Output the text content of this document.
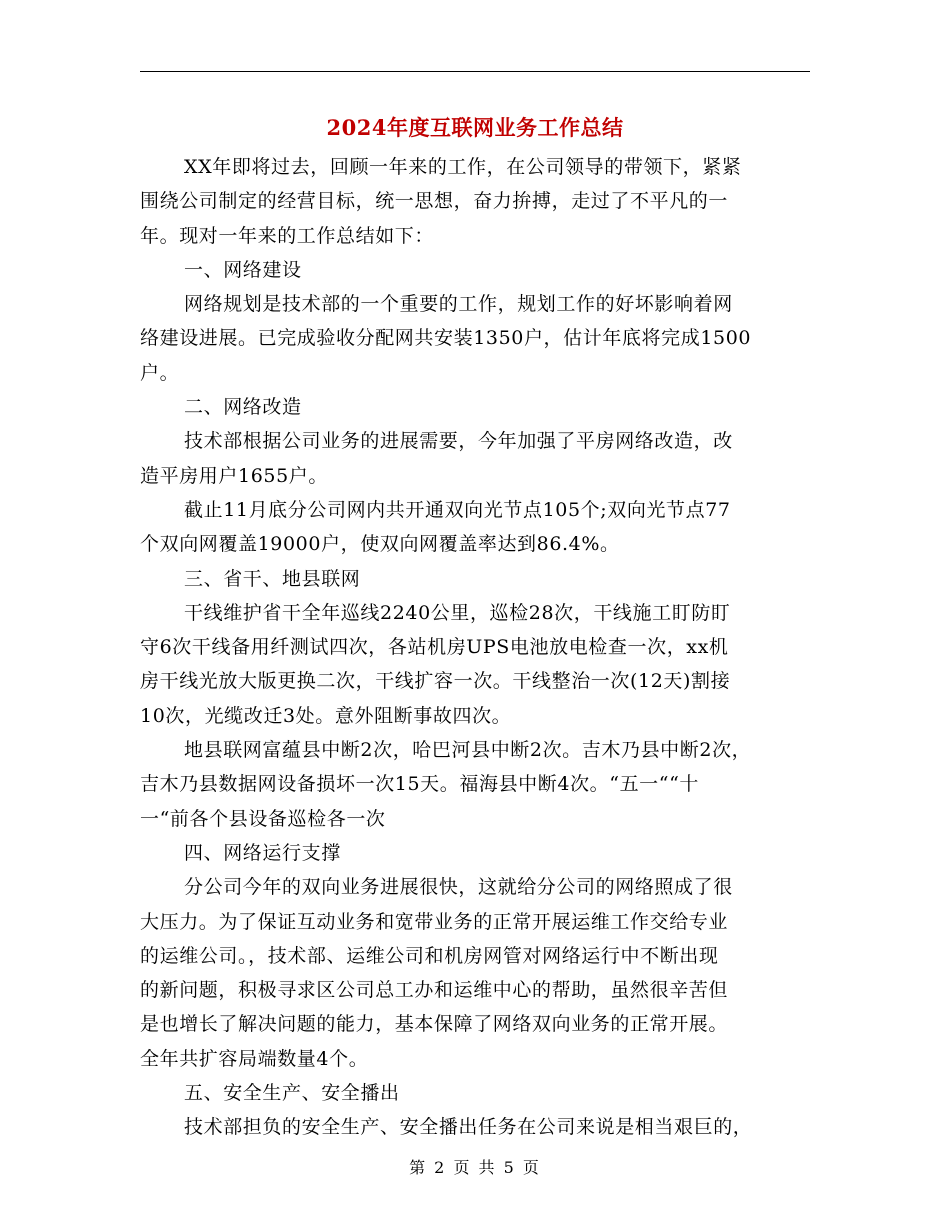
2024年度互联网业务工作总结
XX年即将过去，回顾一年来的工作，在公司领导的带领下，紧紧
围绕公司制定的经营目标，统一思想，奋力拚搏，走过了不平凡的一
年。现对一年来的工作总结如下：
一、网络建设
网络规划是技术部的一个重要的工作，规划工作的好坏影响着网
络建设进展。已完成验收分配网共安装1350户，估计年底将完成1500
户。
二、网络改造
技术部根据公司业务的进展需要，今年加强了平房网络改造，改
造平房用户1655户。
截止11月底分公司网内共开通双向光节点105个;双向光节点77
个双向网覆盖19000户，使双向网覆盖率达到86.4%。
三、省干、地县联网
干线维护省干全年巡线2240公里，巡检28次，干线施工盯防盯
守6次干线备用纤测试四次，各站机房UPS电池放电检查一次，xx机
房干线光放大版更换二次，干线扩容一次。干线整治一次(12天)割接
10次，光缆改迁3处。意外阻断事故四次。
地县联网富蕴县中断2次，哈巴河县中断2次。吉木乃县中断2次，
吉木乃县数据网设备损坏一次15天。福海县中断4次。“五一““十
一“前各个县设备巡检各一次
四、网络运行支撑
分公司今年的双向业务进展很快，这就给分公司的网络照成了很
大压力。为了保证互动业务和宽带业务的正常开展运维工作交给专业
的运维公司。，技术部、运维公司和机房网管对网络运行中不断出现
的新问题，积极寻求区公司总工办和运维中心的帮助，虽然很辛苦但
是也增长了解决问题的能力，基本保障了网络双向业务的正常开展。
全年共扩容局端数量4个。
五、安全生产、安全播出
技术部担负的安全生产、安全播出任务在公司来说是相当艰巨的，
第 2 页 共 5 页
